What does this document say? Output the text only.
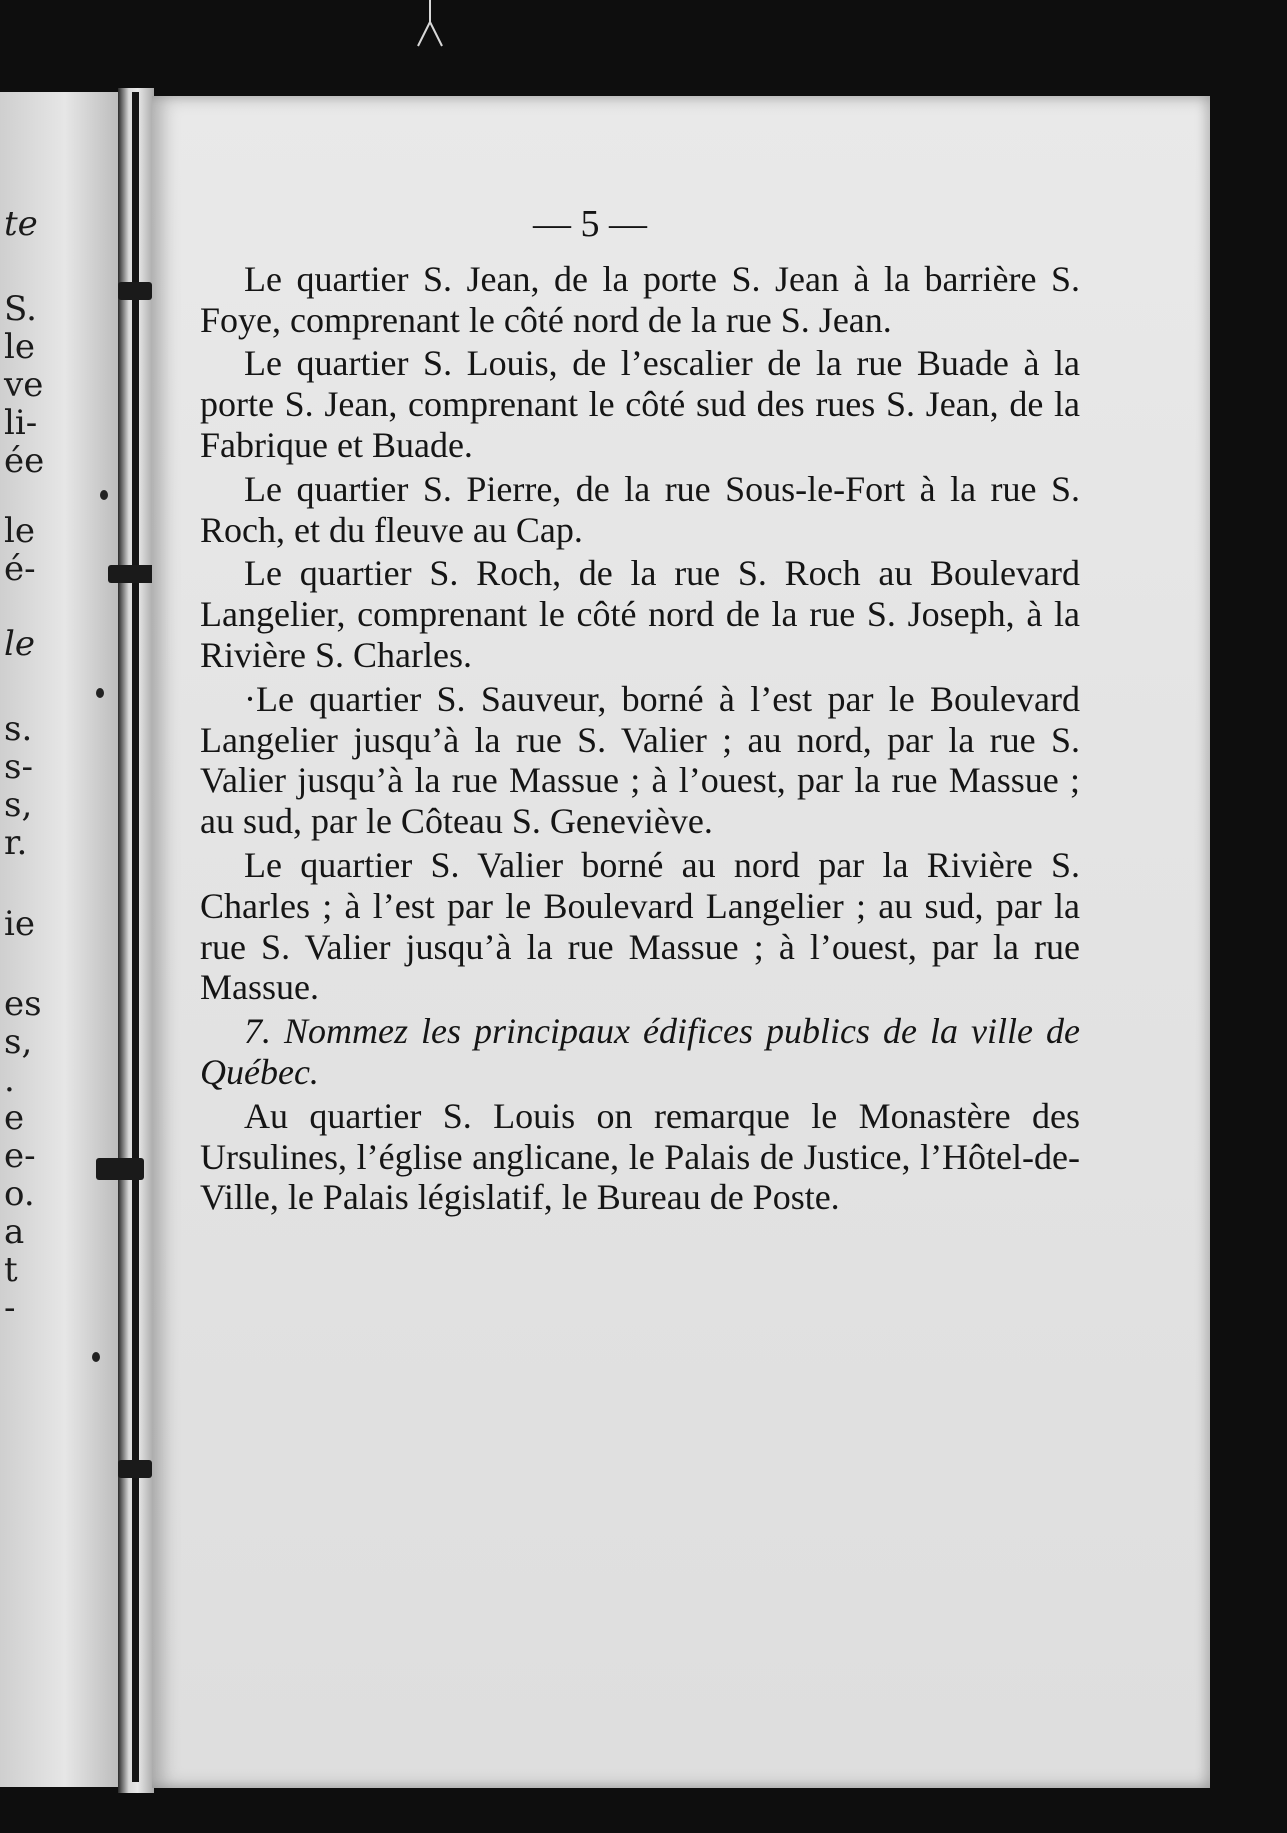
te
S.
le
ve
li-
ée
le
é-
le
s.
s-
s,
r.
ie
es
s,
.
e
e-
o.
a
t
-
— 5 —

Le quartier S. Jean, de la porte S. Jean à la barrière S. Foye, comprenant le côté nord de la rue S. Jean.

Le quartier S. Louis, de l’escalier de la rue Buade à la porte S. Jean, comprenant le côté sud des rues S. Jean, de la Fabrique et Buade.

Le quartier S. Pierre, de la rue Sous-le-Fort à la rue S. Roch, et du fleuve au Cap.

Le quartier S. Roch, de la rue S. Roch au Boulevard Langelier, comprenant le côté nord de la rue S. Joseph, à la Rivière S. Charles.

·Le quartier S. Sauveur, borné à l’est par le Boulevard Langelier jusqu’à la rue S. Valier ; au nord, par la rue S. Valier jusqu’à la rue Massue ; à l’ouest, par la rue Massue ; au sud, par le Côteau S. Geneviève.

Le quartier S. Valier borné au nord par la Rivière S. Charles ; à l’est par le Boulevard Langelier ; au sud, par la rue S. Valier jusqu’à la rue Massue ; à l’ouest, par la rue Massue.

7. Nommez les principaux édifices publics de la ville de Québec.

Au quartier S. Louis on remarque le Monastère des Ursulines, l’église anglicane, le Palais de Justice, l’Hôtel-de-Ville, le Palais législatif, le Bureau de Poste.
